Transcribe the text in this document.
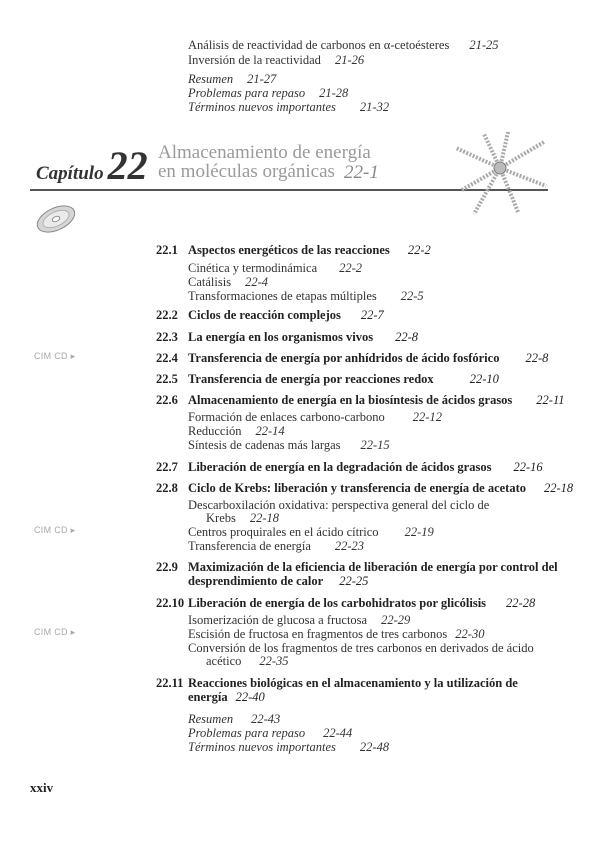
Análisis de reactividad de carbonos en α-cetoésteres 21-25
Inversión de la reactividad 21-26
Resumen 21-27
Problemas para repaso 21-28
Términos nuevos importantes 21-32
Capítulo 22 Almacenamiento de energía
en moléculas orgánicas 22-1
CIM CD ▸
CIM CD ▸
CIM CD ▸
22.1 Aspectos energéticos de las reacciones 22-2
Cinética y termodinámica 22-2
Catálisis 22-4
Transformaciones de etapas múltiples 22-5
22.2 Ciclos de reacción complejos 22-7
22.3 La energía en los organismos vivos 22-8
22.4 Transferencia de energía por anhídridos de ácido fosfórico 22-8
22.5 Transferencia de energía por reacciones redox	22-10
22.6 Almacenamiento de energía en la biosíntesis de ácidos grasos 22-11
Formación de enlaces carbono-carbono 22-12
Reducción 22-14
Síntesis de cadenas más largas 22-15
22.7 Liberación de energía en la degradación de ácidos grasos 22-16
22.8 Ciclo de Krebs: liberación y transferencia de energía de acetato 22-18
Descarboxilación oxidativa: perspectiva general del ciclo de
Krebs 22-18
Centros proquirales en el ácido cítrico 22-19
Transferencia de energía 22-23
22.9 Maximización de la eficiencia de liberación de energía por control del
desprendimiento de calor 22-25
22.10 Liberación de energía de los carbohidratos por glicólisis 22-28
Isomerización de glucosa a fructosa 22-29
Escisión de fructosa en fragmentos de tres carbonos 22-30
Conversión de los fragmentos de tres carbonos en derivados de ácido
acético 22-35
22.11 Reacciones biológicas en el almacenamiento y la utilización de
energía 22-40
Resumen 22-43
Problemas para repaso 22-44
Términos nuevos importantes 22-48
xxiv
